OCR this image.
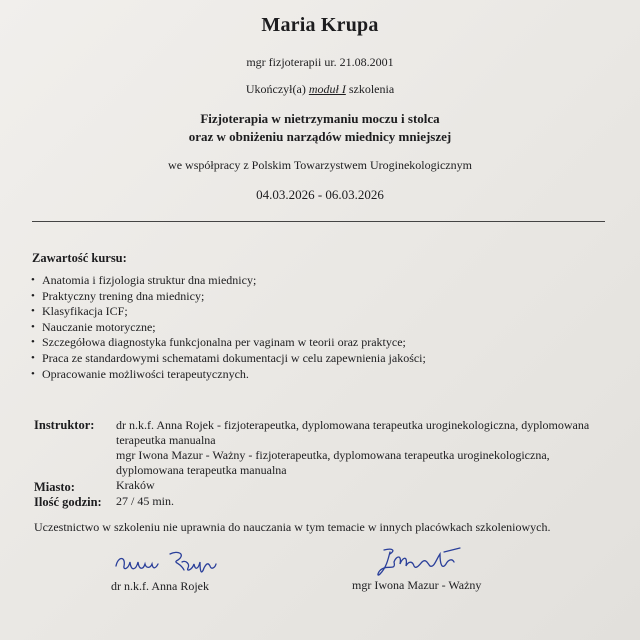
Maria Krupa
mgr fizjoterapii ur. 21.08.2001
Ukończył(a) moduł I szkolenia
Fizjoterapia w nietrzymaniu moczu i stolca
oraz w obniżeniu narządów miednicy mniejszej
we współpracy z Polskim Towarzystwem Uroginekologicznym
04.03.2026 - 06.03.2026
Zawartość kursu:
• Anatomia i fizjologia struktur dna miednicy;
• Praktyczny trening dna miednicy;
• Klasyfikacja ICF;
• Nauczanie motoryczne;
• Szczegółowa diagnostyka funkcjonalna per vaginam w teorii oraz praktyce;
• Praca ze standardowymi schematami dokumentacji w celu zapewnienia jakości;
• Opracowanie możliwości terapeutycznych.
Instruktor: dr n.k.f. Anna Rojek - fizjoterapeutka, dyplomowana terapeutka uroginekologiczna, dyplomowana terapeutka manualna
mgr Iwona Mazur - Ważny - fizjoterapeutka, dyplomowana terapeutka uroginekologiczna, dyplomowana terapeutka manualna
Miasto:	Kraków
Ilość godzin: 27 / 45 min.
Uczestnictwo w szkoleniu nie uprawnia do nauczania w tym temacie w innych placówkach szkoleniowych.
dr n.k.f. Anna Rojek	mgr Iwona Mazur - Ważny
